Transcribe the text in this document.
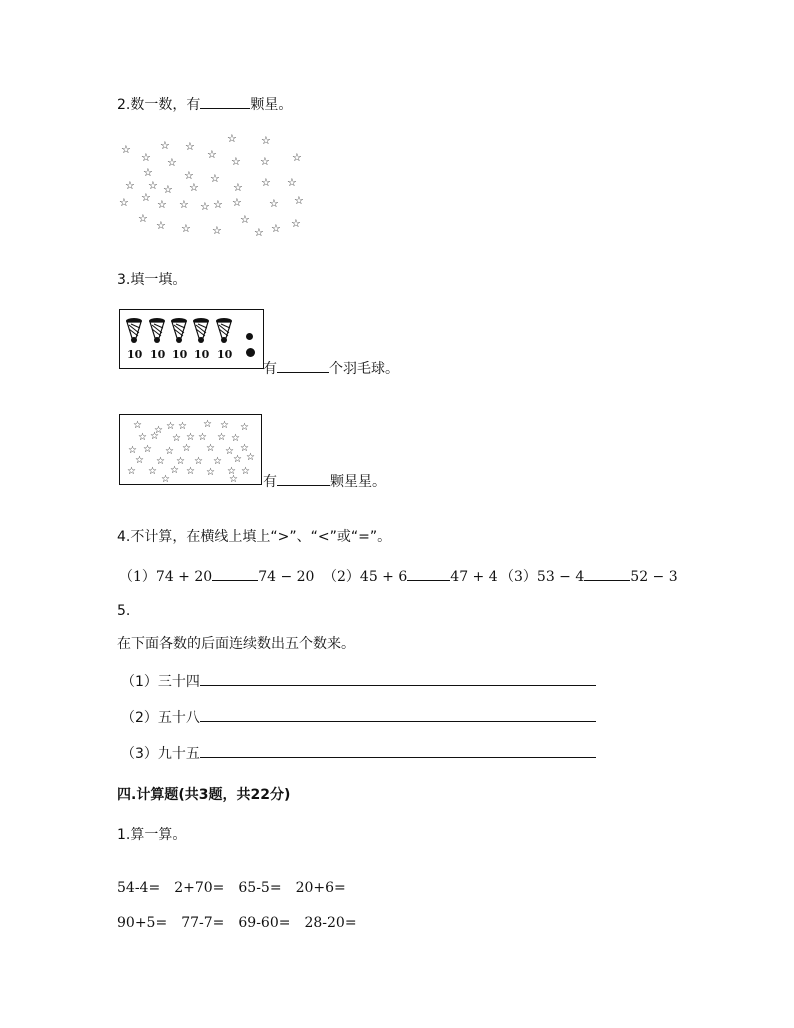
2.数一数，有	颗星。
☆ ☆
☆	☆ ☆
☆	☆
☆ ☆ ☆
☆
☆	☆ ☆
☆ ☆	☆ ☆
☆
☆ ☆
☆ ☆	☆
☆ ☆ ☆
☆ ☆ ☆
☆	☆	☆
☆ ☆ ☆	☆
☆
3.填一填。
10 10 10 10 10
有	个羽毛球。
☆ ☆ ☆ ☆ ☆ ☆ ☆
☆ ☆ ☆ ☆ ☆ ☆ ☆
☆ ☆ ☆ ☆ ☆ ☆ ☆
☆ ☆ ☆ ☆ ☆ ☆ ☆
☆ ☆ ☆ ☆ ☆ ☆ ☆
☆	☆ 有	颗星星。
4.不计算，在横线上填上“>”、“<”或“=”。
（1）74 + 20	74 − 20 （2）45 + 6	47 + 4 （3）53 − 4	52 − 3
5.
在下面各数的后面连续数出五个数来。
（1）三十四
（2）五十八
（3）九十五
四.计算题(共3题，共22分)
1.算一算。
54-4= 2+70= 65-5= 20+6=
90+5= 77-7= 69-60= 28-20=
